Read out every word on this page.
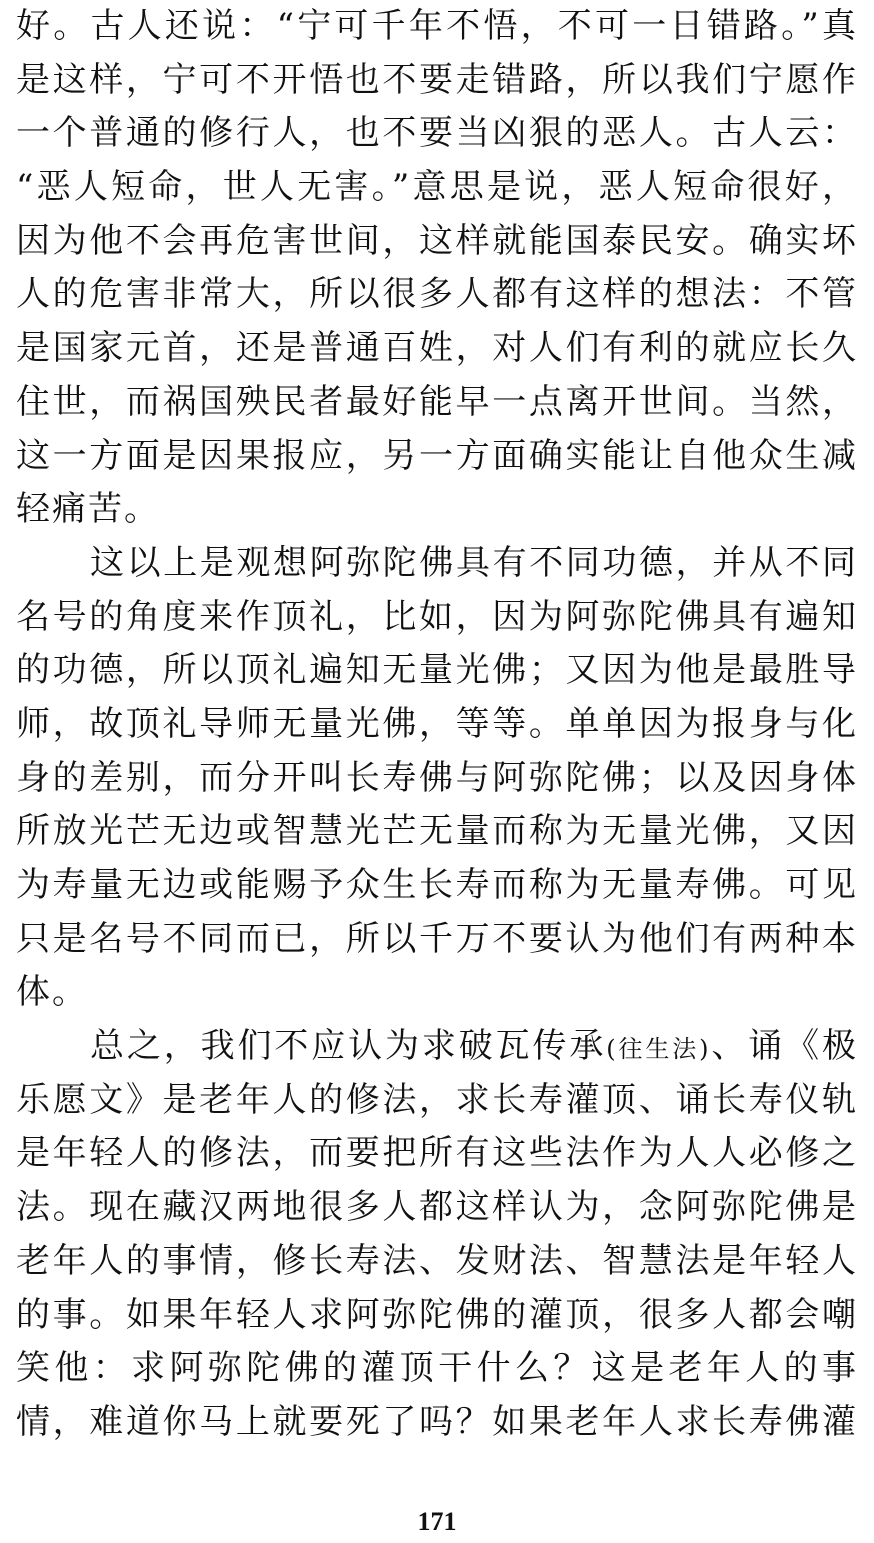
好。古人还说：“宁可千年不悟，不可一日错路。”真
是这样，宁可不开悟也不要走错路，所以我们宁愿作
一个普通的修行人，也不要当凶狠的恶人。古人云：
“恶人短命，世人无害。”意思是说，恶人短命很好，
因为他不会再危害世间，这样就能国泰民安。确实坏
人的危害非常大，所以很多人都有这样的想法：不管
是国家元首，还是普通百姓，对人们有利的就应长久
住世，而祸国殃民者最好能早一点离开世间。当然，
这一方面是因果报应，另一方面确实能让自他众生减
轻痛苦。
这以上是观想阿弥陀佛具有不同功德，并从不同
名号的角度来作顶礼，比如，因为阿弥陀佛具有遍知
的功德，所以顶礼遍知无量光佛；又因为他是最胜导
师，故顶礼导师无量光佛，等等。单单因为报身与化
身的差别，而分开叫长寿佛与阿弥陀佛；以及因身体
所放光芒无边或智慧光芒无量而称为无量光佛，又因
为寿量无边或能赐予众生长寿而称为无量寿佛。可见
只是名号不同而已，所以千万不要认为他们有两种本
体。
总之，我们不应认为求破瓦传承(往生法)、诵《极
乐愿文》是老年人的修法，求长寿灌顶、诵长寿仪轨
是年轻人的修法，而要把所有这些法作为人人必修之
法。现在藏汉两地很多人都这样认为，念阿弥陀佛是
老年人的事情，修长寿法、发财法、智慧法是年轻人
的事。如果年轻人求阿弥陀佛的灌顶，很多人都会嘲
笑他：求阿弥陀佛的灌顶干什么？这是老年人的事
情，难道你马上就要死了吗？如果老年人求长寿佛灌
171
